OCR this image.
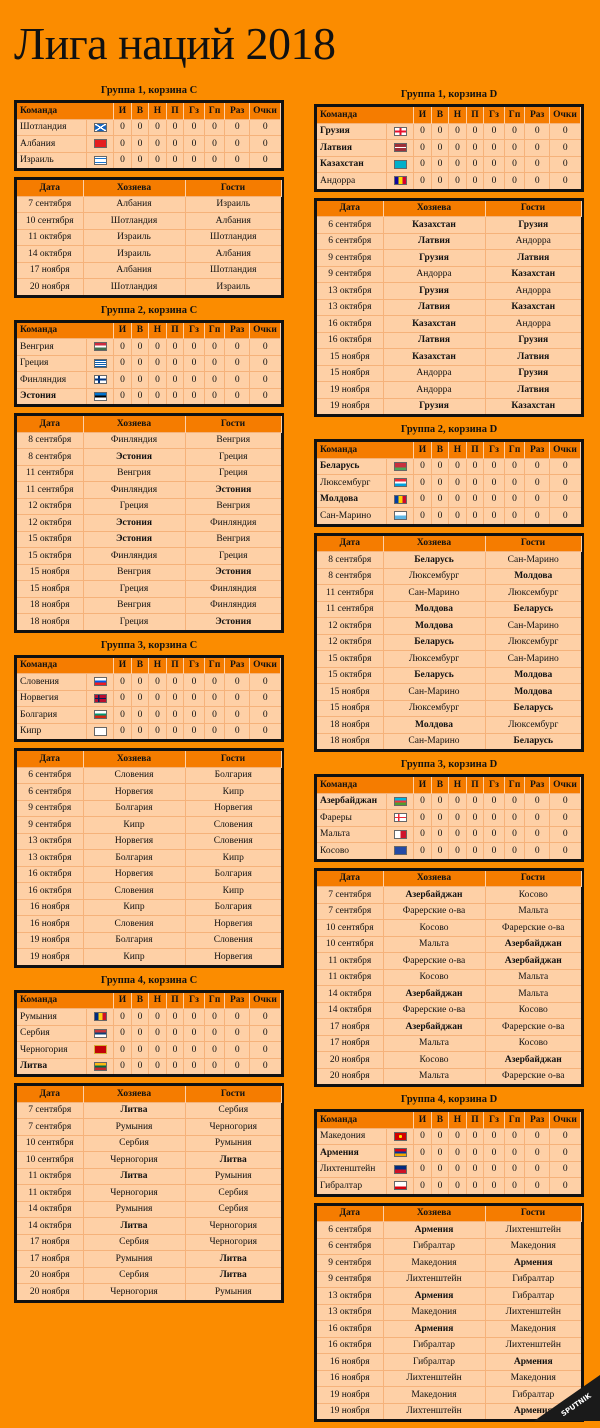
Лига наций 2018
Группа 1, корзина С
Команда		И	В	Н	П	Гз	Гп	Раз	Очки
Шотландия		0	0	0	0	0	0	0	0
Албания		0	0	0	0	0	0	0	0
Израиль		0	0	0	0	0	0	0	0
Дата	Хозяева	Гости
7 сентября	Албания	Израиль
10 сентября	Шотландия	Албания
11 октября	Израиль	Шотландия
14 октября	Израиль	Албания
17 ноября	Албания	Шотландия
20 ноября	Шотландия	Израиль
Группа 2, корзина С
Команда		И	В	Н	П	Гз	Гп	Раз	Очки
Венгрия		0	0	0	0	0	0	0	0
Греция		0	0	0	0	0	0	0	0
Финляндия		0	0	0	0	0	0	0	0
Эстония		0	0	0	0	0	0	0	0
Дата	Хозяева	Гости
8 сентября	Финляндия	Венгрия
8 сентября	Эстония	Греция
11 сентября	Венгрия	Греция
11 сентября	Финляндия	Эстония
12 октября	Греция	Венгрия
12 октября	Эстония	Финляндия
15 октября	Эстония	Венгрия
15 октября	Финляндия	Греция
15 ноября	Венгрия	Эстония
15 ноября	Греция	Финляндия
18 ноября	Венгрия	Финляндия
18 ноября	Греция	Эстония
Группа 3, корзина С
Команда		И	В	Н	П	Гз	Гп	Раз	Очки
Словения		0	0	0	0	0	0	0	0
Норвегия		0	0	0	0	0	0	0	0
Болгария		0	0	0	0	0	0	0	0
Кипр		0	0	0	0	0	0	0	0
Дата	Хозяева	Гости
6 сентября	Словения	Болгария
6 сентября	Норвегия	Кипр
9 сентября	Болгария	Норвегия
9 сентября	Кипр	Словения
13 октября	Норвегия	Словения
13 октября	Болгария	Кипр
16 октября	Норвегия	Болгария
16 октября	Словения	Кипр
16 ноября	Кипр	Болгария
16 ноября	Словения	Норвегия
19 ноября	Болгария	Словения
19 ноября	Кипр	Норвегия
Группа 4, корзина С
Команда		И	В	Н	П	Гз	Гп	Раз	Очки
Румыния		0	0	0	0	0	0	0	0
Сербия		0	0	0	0	0	0	0	0
Черногория		0	0	0	0	0	0	0	0
Литва		0	0	0	0	0	0	0	0
Дата	Хозяева	Гости
7 сентября	Литва	Сербия
7 сентября	Румыния	Черногория
10 сентября	Сербия	Румыния
10 сентября	Черногория	Литва
11 октября	Литва	Румыния
11 октября	Черногория	Сербия
14 октября	Румыния	Сербия
14 октября	Литва	Черногория
17 ноября	Сербия	Черногория
17 ноября	Румыния	Литва
20 ноября	Сербия	Литва
20 ноября	Черногория	Румыния
Группа 1, корзина D
Команда		И	В	Н	П	Гз	Гп	Раз	Очки
Грузия		0	0	0	0	0	0	0	0
Латвия		0	0	0	0	0	0	0	0
Казахстан		0	0	0	0	0	0	0	0
Андорра		0	0	0	0	0	0	0	0
Дата	Хозяева	Гости
6 сентября	Казахстан	Грузия
6 сентября	Латвия	Андорра
9 сентября	Грузия	Латвия
9 сентября	Андорра	Казахстан
13 октября	Грузия	Андорра
13 октября	Латвия	Казахстан
16 октября	Казахстан	Андорра
16 октября	Латвия	Грузия
15 ноября	Казахстан	Латвия
15 ноября	Андорра	Грузия
19 ноября	Андорра	Латвия
19 ноября	Грузия	Казахстан
Группа 2, корзина D
Команда		И	В	Н	П	Гз	Гп	Раз	Очки
Беларусь		0	0	0	0	0	0	0	0
Люксембург		0	0	0	0	0	0	0	0
Молдова		0	0	0	0	0	0	0	0
Сан-Марино		0	0	0	0	0	0	0	0
Дата	Хозяева	Гости
8 сентября	Беларусь	Сан-Марино
8 сентября	Люксембург	Молдова
11 сентября	Сан-Марино	Люксембург
11 сентября	Молдова	Беларусь
12 октября	Молдова	Сан-Марино
12 октября	Беларусь	Люксембург
15 октября	Люксембург	Сан-Марино
15 октября	Беларусь	Молдова
15 ноября	Сан-Марино	Молдова
15 ноября	Люксембург	Беларусь
18 ноября	Молдова	Люксембург
18 ноября	Сан-Марино	Беларусь
Группа 3, корзина D
Команда		И	В	Н	П	Гз	Гп	Раз	Очки
Азербайджан		0	0	0	0	0	0	0	0
Фареры		0	0	0	0	0	0	0	0
Мальта		0	0	0	0	0	0	0	0
Косово		0	0	0	0	0	0	0	0
Дата	Хозяева	Гости
7 сентября	Азербайджан	Косово
7 сентября	Фарерские о-ва	Мальта
10 сентября	Косово	Фарерские о-ва
10 сентября	Мальта	Азербайджан
11 октября	Фарерские о-ва	Азербайджан
11 октября	Косово	Мальта
14 октября	Азербайджан	Мальта
14 октября	Фарерские о-ва	Косово
17 ноября	Азербайджан	Фарерские о-ва
17 ноября	Мальта	Косово
20 ноября	Косово	Азербайджан
20 ноября	Мальта	Фарерские о-ва
Группа 4, корзина D
Команда		И	В	Н	П	Гз	Гп	Раз	Очки
Македония		0	0	0	0	0	0	0	0
Армения		0	0	0	0	0	0	0	0
Лихтенштейн		0	0	0	0	0	0	0	0
Гибралтар		0	0	0	0	0	0	0	0
Дата	Хозяева	Гости
6 сентября	Армения	Лихтенштейн
6 сентября	Гибралтар	Македония
9 сентября	Македония	Армения
9 сентября	Лихтенштейн	Гибралтар
13 октября	Армения	Гибралтар
13 октября	Македония	Лихтенштейн
16 октября	Армения	Македония
16 октября	Гибралтар	Лихтенштейн
16 ноября	Гибралтар	Армения
16 ноября	Лихтенштейн	Македония
19 ноября	Македония	Гибралтар
19 ноября	Лихтенштейн	Армения SPUTNIK
